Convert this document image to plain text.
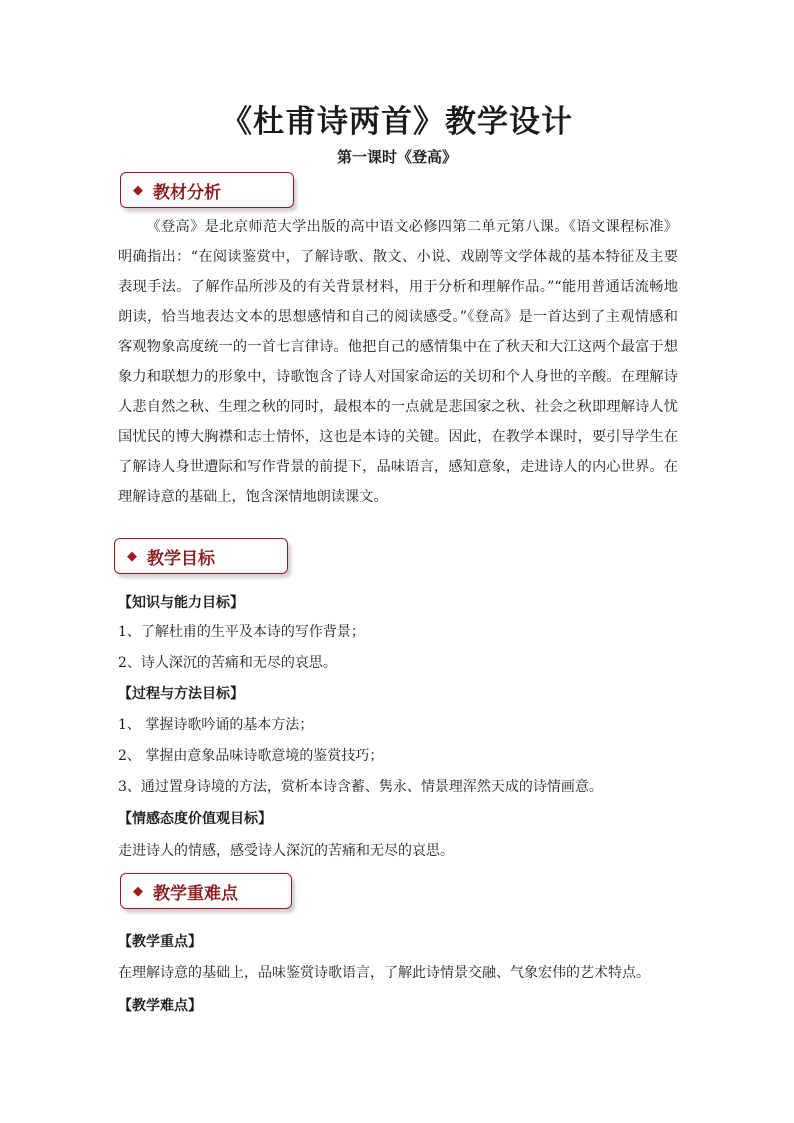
《杜甫诗两首》教学设计
第一课时《登高》
◆ 教材分析

《登高》是北京师范大学出版的高中语文必修四第二单元第八课。《语文课程标准》明确指出：“在阅读鉴赏中，了解诗歌、散文、小说、戏剧等文学体裁的基本特征及主要表现手法。了解作品所涉及的有关背景材料，用于分析和理解作品。”“能用普通话流畅地朗读，恰当地表达文本的思想感情和自己的阅读感受。”《登高》是一首达到了主观情感和客观物象高度统一的一首七言律诗。他把自己的感情集中在了秋天和大江这两个最富于想象力和联想力的形象中，诗歌饱含了诗人对国家命运的关切和个人身世的辛酸。在理解诗人悲自然之秋、生理之秋的同时，最根本的一点就是悲国家之秋、社会之秋即理解诗人忧国忧民的博大胸襟和志士情怀，这也是本诗的关键。因此，在教学本课时，要引导学生在了解诗人身世遭际和写作背景的前提下，品味语言，感知意象，走进诗人的内心世界。在理解诗意的基础上，饱含深情地朗读课文。

◆ 教学目标

【知识与能力目标】

1、了解杜甫的生平及本诗的写作背景；

2、诗人深沉的苦痛和无尽的哀思。

【过程与方法目标】

1、 掌握诗歌吟诵的基本方法；

2、 掌握由意象品味诗歌意境的鉴赏技巧；

3、通过置身诗境的方法，赏析本诗含蓄、隽永、情景理浑然天成的诗情画意。

【情感态度价值观目标】

走进诗人的情感，感受诗人深沉的苦痛和无尽的哀思。

◆ 教学重难点

【教学重点】

在理解诗意的基础上，品味鉴赏诗歌语言，了解此诗情景交融、气象宏伟的艺术特点。

【教学难点】
